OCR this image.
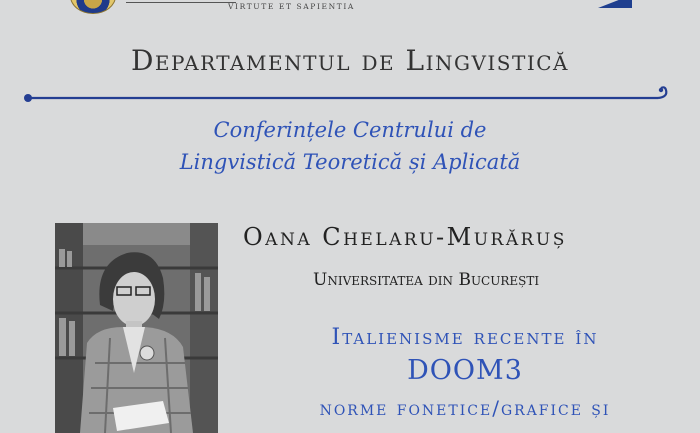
VIRTUTE ET SAPIENTIA
Departamentul de Lingvistică
Conferințele Centrului de
Lingvistică Teoretică și Aplicată
Oana Chelaru-Murăruș
Universitatea din București
Italienisme recente în
DOOM3
norme fonetice/grafice și
